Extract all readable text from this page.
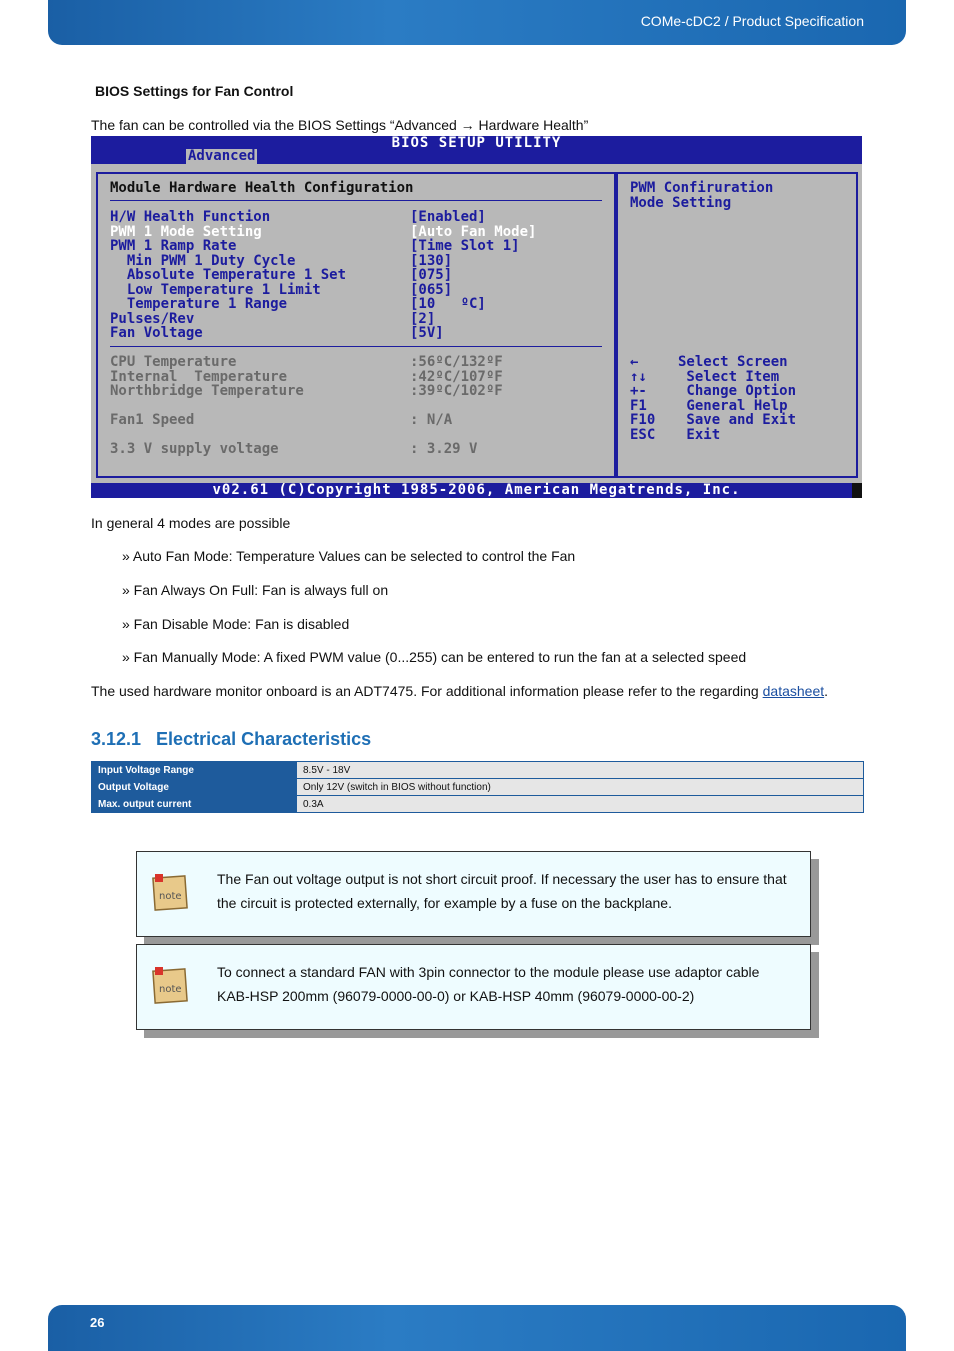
COMe-cDC2 / Product Specification
BIOS Settings for Fan Control
The fan can be controlled via the BIOS Settings “Advanced → Hardware Health”
BIOS SETUP UTILITY
Advanced
Module Hardware Health Configuration
H/W Health Function	[Enabled]
PWM 1 Mode Setting	[Auto Fan Mode]
PWM 1 Ramp Rate	[Time Slot 1]
Min PWM 1 Duty Cycle	[130]
Absolute Temperature 1 Set	[075]
Low Temperature 1 Limit	[065]
Temperature 1 Range	[10   ºC]
Pulses/Rev	[2]
Fan Voltage	[5V]
CPU Temperature	:56ºC/132ºF
Internal  Temperature	:42ºC/107ºF
Northbridge Temperature	:39ºC/102ºF
Fan1 Speed	: N/A
3.3 V supply voltage	: 3.29 V
PWM Confiruration
Mode Setting
←	Select Screen
↑↓ Select Item
+- Change Option
F1 General Help
F10 Save and Exit
ESC Exit
v02.61 (C)Copyright 1985-2006, American Megatrends, Inc.
In general 4 modes are possible
» Auto Fan Mode: Temperature Values can be selected to control the Fan
» Fan Always On Full: Fan is always full on
» Fan Disable Mode: Fan is disabled
» Fan Manually Mode: A fixed PWM value (0...255) can be entered to run the fan at a selected speed
The used hardware monitor onboard is an ADT7475. For additional information please refer to the regarding datasheet.
3.12.1   Electrical Characteristics
Input Voltage Range	8.5V - 18V
Output Voltage	Only 12V (switch in BIOS without function)
Max. output current	0.3A
note
The Fan out voltage output is not short circuit proof. If necessary the user has to ensure that the circuit is protected externally, for example by a fuse on the backplane.
note
To connect a standard FAN with 3pin connector to the module please use adaptor cable KAB-HSP 200mm (96079-0000-00-0) or KAB-HSP 40mm (96079-0000-00-2)
26
